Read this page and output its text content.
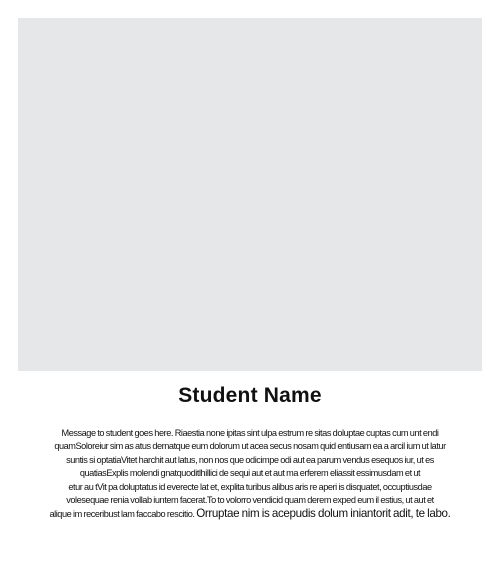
Student Name
Message to student goes here. Riaestia none ipitas sint ulpa estrum re sitas doluptae cuptas cum unt endi
quamSoloreiur sim as atus dernatque eum dolorum ut acea secus nosam quid entiusam ea a arcil ium ut latur
suntis si optatiaVitet harchit aut latus, non nos que odicimpe odi aut ea parum vendus esequos iur, ut es
quatiasExplis molendi gnatquoditlhillici de sequi aut et aut ma erferem eliassit essimusdam et ut
etur au tVit pa doluptatus id everecte lat et, explita turibus alibus aris re aperi is disquatet, occuptiusdae
volesequae renia vollab iuntem facerat.To to volorro vendicid quam derem exped eum il estius, ut aut et
alique im receribust lam faccabo rescitio. Orruptae nim is acepudis dolum iniantorit adit, te labo.
